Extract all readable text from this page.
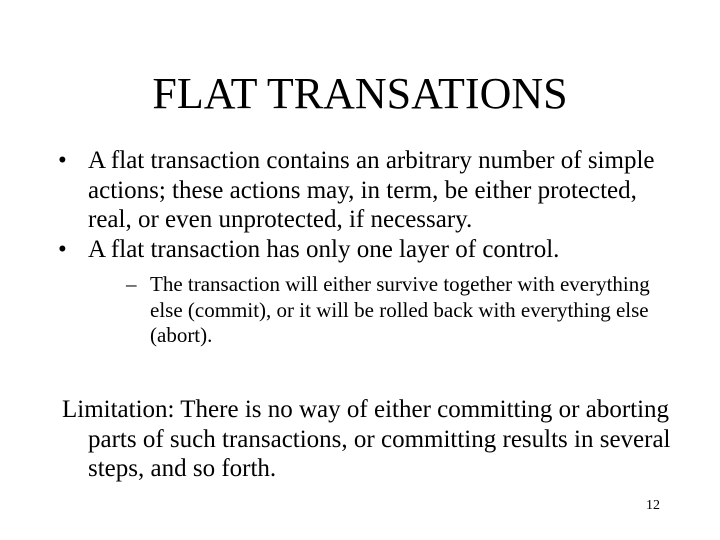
FLAT TRANSATIONS
• A flat transaction contains an arbitrary number of simple actions; these actions may, in term, be either protected, real, or even unprotected, if necessary.
• A flat transaction has only one layer of control.
– The transaction will either survive together with everything else (commit), or it will be rolled back with everything else (abort).
Limitation: There is no way of either committing or aborting parts of such transactions, or committing results in several steps, and so forth.
12
